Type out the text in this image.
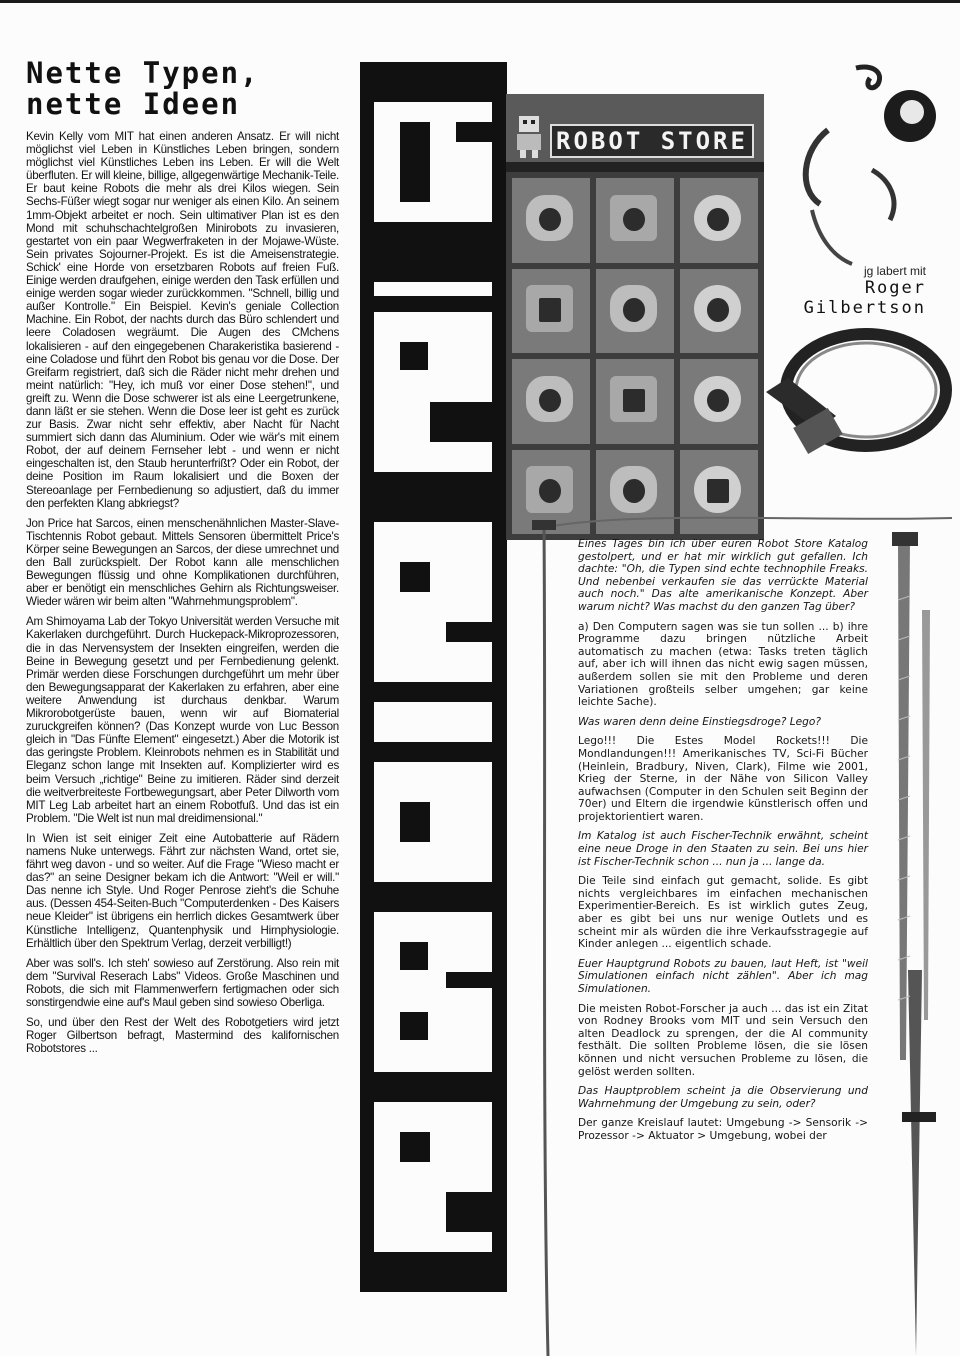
Nette Typen,
nette Ideen

Kevin Kelly vom MIT hat einen anderen Ansatz. Er will nicht möglichst viel Leben in Künstliches Leben bringen, sondern möglichst viel Künstliches Leben ins Leben. Er will die Welt überfluten. Er will kleine, billige, allgegenwärtige Mechanik-Teile. Er baut keine Robots die mehr als drei Kilos wiegen. Sein Sechs-Füßer wiegt sogar nur weniger als einen Kilo. An seinem 1mm-Objekt arbeitet er noch. Sein ultimativer Plan ist es den Mond mit schuhschachtelgroßen Minirobots zu invasieren, gestartet von ein paar Wegwerfraketen in der Mojawe-Wüste. Sein privates Sojourner-Projekt. Es ist die Ameisenstrategie. Schick' eine Horde von ersetzbaren Robots auf freien Fuß. Einige werden draufgehen, einige werden den Task erfüllen und einige werden sogar wieder zurückkommen. "Schnell, billig und außer Kontrolle." Ein Beispiel. Kevin's geniale Collection Machine. Ein Robot, der nachts durch das Büro schlendert und leere Coladosen wegräumt. Die Augen des CMchens lokalisieren - auf den eingegebenen Charakeristika basierend - eine Coladose und führt den Robot bis genau vor die Dose. Der Greifarm registriert, daß sich die Räder nicht mehr drehen und meint natürlich: "Hey, ich muß vor einer Dose stehen!", und greift zu. Wenn die Dose schwerer ist als eine Leergetrunkene, dann läßt er sie stehen. Wenn die Dose leer ist geht es zurück zur Basis. Zwar nicht sehr effektiv, aber Nacht für Nacht summiert sich dann das Aluminium. Oder wie wär's mit einem Robot, der auf deinem Fernseher lebt - und wenn er nicht eingeschalten ist, den Staub herunterfrißt? Oder ein Robot, der deine Position im Raum lokalisiert und die Boxen der Stereoanlage per Fernbedienung so adjustiert, daß du immer den perfekten Klang abkriegst?

Jon Price hat Sarcos, einen menschenähnlichen Master-Slave-Tischtennis Robot gebaut. Mittels Sensoren übermittelt Price's Körper seine Bewegungen an Sarcos, der diese umrechnet und den Ball zurückspielt. Der Robot kann alle menschlichen Bewegungen flüssig und ohne Komplikationen durchführen, aber er benötigt ein menschliches Gehirn als Richtungsweiser. Wieder wären wir beim alten "Wahrnehmungsproblem".

Am Shimoyama Lab der Tokyo Universität werden Versuche mit Kakerlaken durchgeführt. Durch Huckepack-Mikroprozessoren, die in das Nervensystem der Insekten eingreifen, werden die Beine in Bewegung gesetzt und per Fernbedienung gelenkt. Primär werden diese Forschungen durchgeführt um mehr über den Bewegungsapparat der Kakerlaken zu erfahren, aber eine weitere Anwendung ist durchaus denkbar. Warum Mikrorobotgerüste bauen, wenn wir auf Biomaterial zuruckgreifen können? (Das Konzept wurde von Luc Besson gleich in "Das Fünfte Element" eingesetzt.) Aber die Motorik ist das geringste Problem. Kleinrobots nehmen es in Stabilität und Eleganz schon lange mit Insekten auf. Komplizierter wird es beim Versuch „richtige" Beine zu imitieren. Räder sind derzeit die weitverbreiteste Fortbewegungsart, aber Peter Dilworth vom MIT Leg Lab arbeitet hart an einem Robotfuß. Und das ist ein Problem. "Die Welt ist nun mal dreidimensional."

In Wien ist seit einiger Zeit eine Autobatterie auf Rädern namens Nuke unterwegs. Fährt zur nächsten Wand, ortet sie, fährt weg davon - und so weiter. Auf die Frage "Wieso macht er das?" an seine Designer bekam ich die Antwort: "Weil er will." Das nenne ich Style. Und Roger Penrose zieht's die Schuhe aus. (Dessen 454-Seiten-Buch "Computerdenken - Des Kaisers neue Kleider" ist übrigens ein herrlich dickes Gesamtwerk über Künstliche Intelligenz, Quantenphysik und Hirnphysiologie. Erhältlich über den Spektrum Verlag, derzeit verbilligt!)

Aber was soll's. Ich steh' sowieso auf Zerstörung. Also rein mit dem "Survival Reserach Labs" Videos. Große Maschinen und Robots, die sich mit Flammenwerfern fertigmachen oder sich sonstirgendwie eine auf's Maul geben sind sowieso Oberliga.

So, und über den Rest der Welt des Robotgetiers wird jetzt Roger Gilbertson befragt, Mastermind des kalifornischen Robotstores ...

ROBOT STORE
jg labert mit
Roger
Gilbertson

Eines Tages bin ich über euren Robot Store Katalog gestolpert, und er hat mir wirklich gut gefallen. Ich dachte: "Oh, die Typen sind echte technophile Freaks. Und nebenbei verkaufen sie das verrückte Material auch noch." Das alte amerikanische Konzept. Aber warum nicht? Was machst du den ganzen Tag über?

a) Den Computern sagen was sie tun sollen ... b) ihre Programme dazu bringen nützliche Arbeit automatisch zu machen (etwa: Tasks treten täglich auf, aber ich will ihnen das nicht ewig sagen müssen, außerdem sollen sie mit den Probleme und deren Variationen großteils selber umgehen; gar keine leichte Sache).

Was waren denn deine Einstiegsdroge? Lego?

Lego!!! Die Estes Model Rockets!!! Die Mondlandungen!!! Amerikanisches TV, Sci-Fi Bücher (Heinlein, Bradbury, Niven, Clark), Filme wie 2001, Krieg der Sterne, in der Nähe von Silicon Valley aufwachsen (Computer in den Schulen seit Beginn der 70er) und Eltern die irgendwie künstlerisch offen und projektorientiert waren.

Im Katalog ist auch Fischer-Technik erwähnt, scheint eine neue Droge in den Staaten zu sein. Bei uns hier ist Fischer-Technik schon ... nun ja ... lange da.

Die Teile sind einfach gut gemacht, solide. Es gibt nichts vergleichbares im einfachen mechanischen Experimentier-Bereich. Es ist wirklich gutes Zeug, aber es gibt bei uns nur wenige Outlets und es scheint mir als würden die ihre Verkaufsstragegie auf Kinder anlegen ... eigentlich schade.

Euer Hauptgrund Robots zu bauen, laut Heft, ist "weil Simulationen einfach nicht zählen". Aber ich mag Simulationen.

Die meisten Robot-Forscher ja auch ... das ist ein Zitat von Rodney Brooks vom MIT und sein Versuch den alten Deadlock zu sprengen, der die AI community festhält. Die sollten Probleme lösen, die sie lösen können und nicht versuchen Probleme zu lösen, die gelöst werden sollten.

Das Hauptproblem scheint ja die Observierung und Wahrnehmung der Umgebung zu sein, oder?

Der ganze Kreislauf lautet: Umgebung -> Sensorik -> Prozessor -> Aktuator > Umgebung, wobei der
